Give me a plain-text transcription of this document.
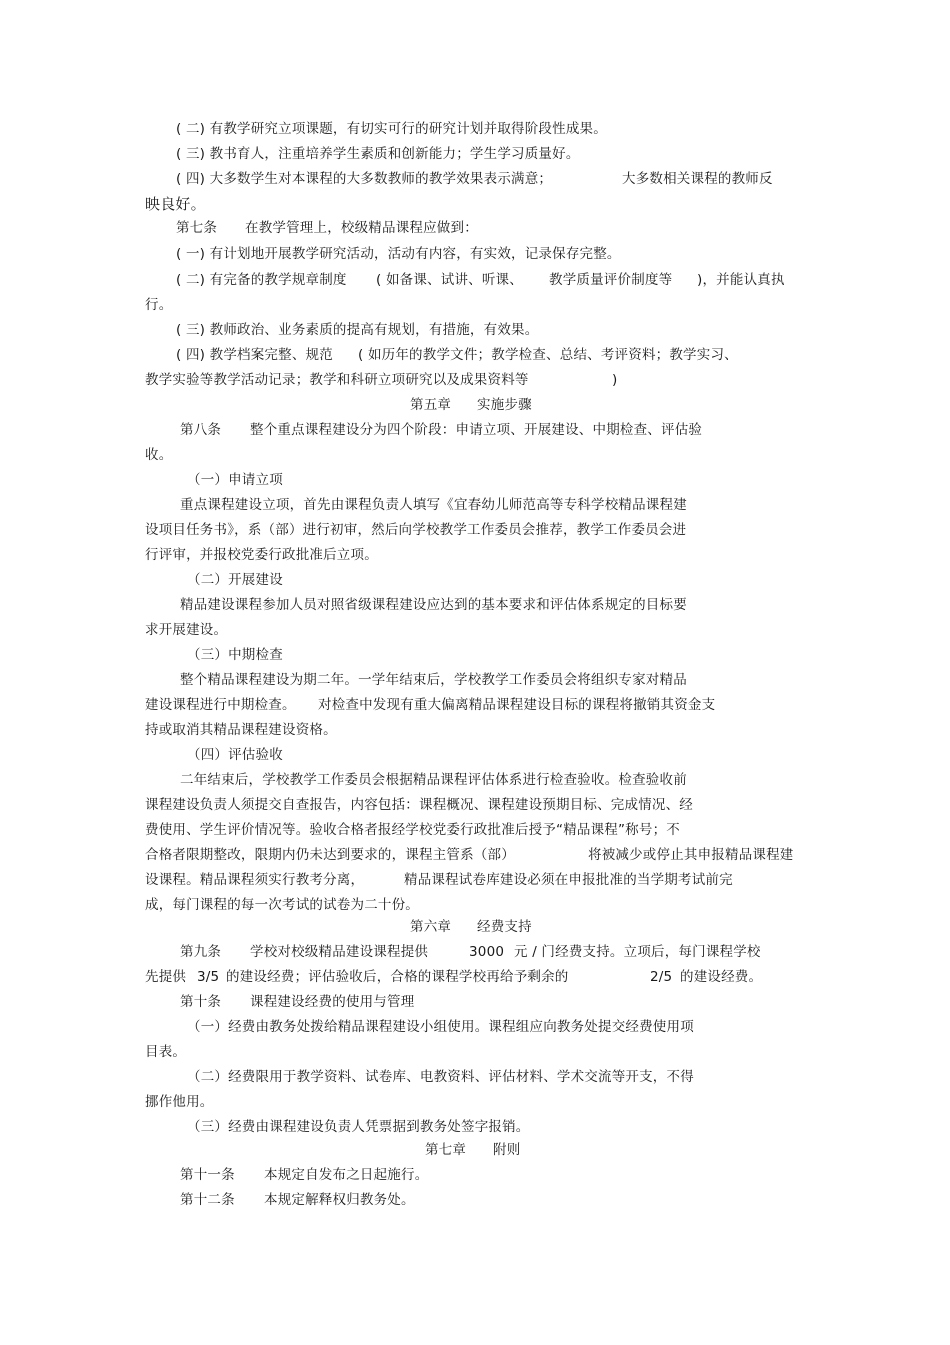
( 二) 有教学研究立项课题，有切实可行的研究计划并取得阶段性成果。
( 三) 教书育人，注重培养学生素质和创新能力；学生学习质量好。
( 四) 大多数学生对本课程的大多数教师的教学效果表示满意；	大多数相关课程的教师反
映良好。
第七条 在教学管理上，校级精品课程应做到：
( 一) 有计划地开展教学研究活动，活动有内容，有实效，记录保存完整。
( 二) 有完备的教学规章制度 ( 如备课、试讲、听课、 教学质量评价制度等 )，并能认真执
行。
( 三) 教师政治、业务素质的提高有规划，有措施，有效果。
( 四) 教学档案完整、规范 ( 如历年的教学文件；教学检查、总结、考评资料；教学实习、
教学实验等教学活动记录；教学和科研立项研究以及成果资料等	)
第五章 实施步骤
第八条 整个重点课程建设分为四个阶段：申请立项、开展建设、中期检查、评估验
收。
（一）申请立项
重点课程建设立项，首先由课程负责人填写《宜春幼儿师范高等专科学校精品课程建
设项目任务书》，系（部）进行初审，然后向学校教学工作委员会推荐，教学工作委员会进
行评审，并报校党委行政批准后立项。
（二）开展建设
精品建设课程参加人员对照省级课程建设应达到的基本要求和评估体系规定的目标要
求开展建设。
（三）中期检查
整个精品课程建设为期二年。一学年结束后，学校教学工作委员会将组织专家对精品
建设课程进行中期检查。 对检查中发现有重大偏离精品课程建设目标的课程将撤销其资金支
持或取消其精品课程建设资格。
（四）评估验收
二年结束后，学校教学工作委员会根据精品课程评估体系进行检查验收。检查验收前
课程建设负责人须提交自查报告，内容包括：课程概况、课程建设预期目标、完成情况、经
费使用、学生评价情况等。验收合格者报经学校党委行政批准后授予“精品课程”称号；不
合格者限期整改，限期内仍未达到要求的，课程主管系（部）	将被减少或停止其申报精品课程建
设课程。精品课程须实行教考分离，	精品课程试卷库建设必须在申报批准的当学期考试前完
成，每门课程的每一次考试的试卷为二十份。
第六章 经费支持
第九条 学校对校级精品建设课程提供	3000 元 / 门经费支持。立项后，每门课程学校
先提供 3/5 的建设经费；评估验收后，合格的课程学校再给予剩余的	2/5 的建设经费。
第十条 课程建设经费的使用与管理
（一）经费由教务处拨给精品课程建设小组使用。课程组应向教务处提交经费使用项
目表。
（二）经费限用于教学资料、试卷库、电教资料、评估材料、学术交流等开支，不得
挪作他用。
（三）经费由课程建设负责人凭票据到教务处签字报销。
第七章 附则
第十一条 本规定自发布之日起施行。
第十二条 本规定解释权归教务处。
